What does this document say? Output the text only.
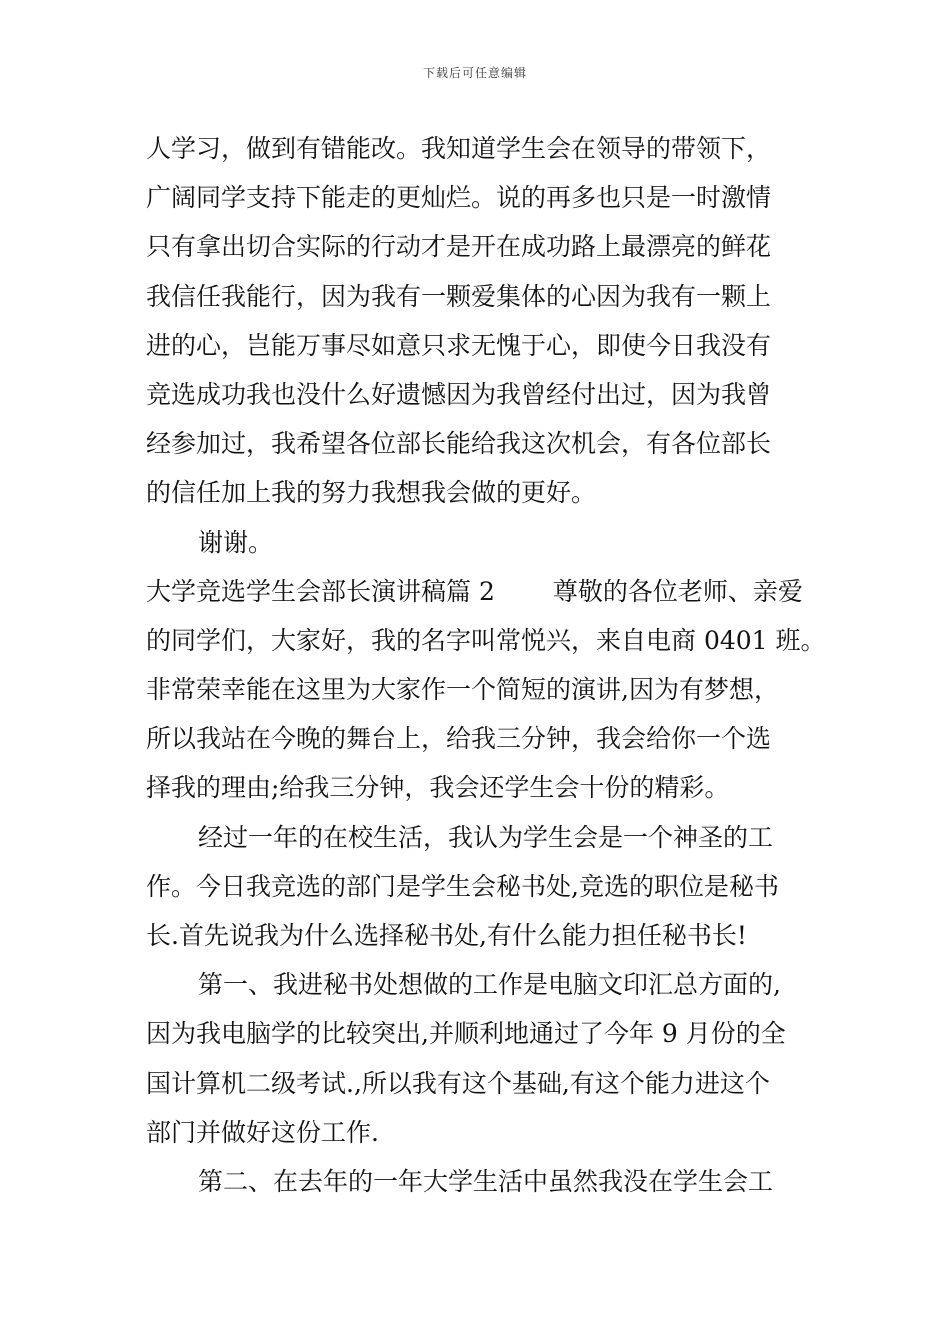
下载后可任意编辑
人学习，做到有错能改。我知道学生会在领导的带领下，
广阔同学支持下能走的更灿烂。说的再多也只是一时激情
只有拿出切合实际的行动才是开在成功路上最漂亮的鲜花
我信任我能行，因为我有一颗爱集体的心因为我有一颗上
进的心，岂能万事尽如意只求无愧于心，即使今日我没有
竞选成功我也没什么好遗憾因为我曾经付出过，因为我曾
经参加过，我希望各位部长能给我这次机会，有各位部长
的信任加上我的努力我想我会做的更好。
谢谢。
大学竞选学生会部长演讲稿篇 2 尊敬的各位老师、亲爱
的同学们，大家好，我的名字叫常悦兴，来自电商 0401 班。
非常荣幸能在这里为大家作一个简短的演讲,因为有梦想，
所以我站在今晚的舞台上，给我三分钟，我会给你一个选
择我的理由;给我三分钟，我会还学生会十份的精彩。
经过一年的在校生活，我认为学生会是一个神圣的工
作。今日我竞选的部门是学生会秘书处,竞选的职位是秘书
长.首先说我为什么选择秘书处,有什么能力担任秘书长!
第一、我进秘书处想做的工作是电脑文印汇总方面的,
因为我电脑学的比较突出,并顺利地通过了今年 9 月份的全
国计算机二级考试.,所以我有这个基础,有这个能力进这个
部门并做好这份工作.
第二、在去年的一年大学生活中虽然我没在学生会工
